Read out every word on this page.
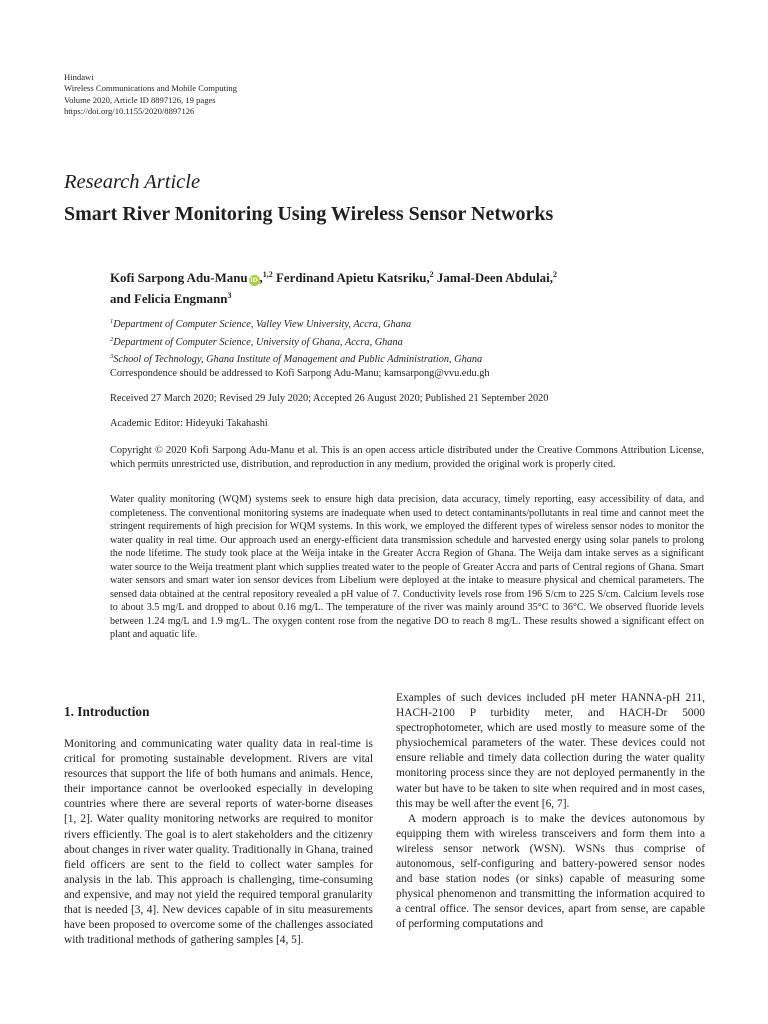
Hindawi
Wireless Communications and Mobile Computing
Volume 2020, Article ID 8897126, 19 pages
https://doi.org/10.1155/2020/8897126
Research Article
Smart River Monitoring Using Wireless Sensor Networks
Kofi Sarpong Adu-Manu iD ,$^{1,2}$ Ferdinand Apietu Katsriku,$^2$ Jamal-Deen Abdulai,$^2$
and Felicia Engmann$^3$
$^1$Department of Computer Science, Valley View University, Accra, Ghana
$^2$Department of Computer Science, University of Ghana, Accra, Ghana
$^3$School of Technology, Ghana Institute of Management and Public Administration, Ghana
Correspondence should be addressed to Kofi Sarpong Adu-Manu; kamsarpong@vvu.edu.gh
Received 27 March 2020; Revised 29 July 2020; Accepted 26 August 2020; Published 21 September 2020
Academic Editor: Hideyuki Takahashi
Copyright © 2020 Kofi Sarpong Adu-Manu et al. This is an open access article distributed under the Creative Commons Attribution License, which permits unrestricted use, distribution, and reproduction in any medium, provided the original work is properly cited.
Water quality monitoring (WQM) systems seek to ensure high data precision, data accuracy, timely reporting, easy accessibility of data, and completeness. The conventional monitoring systems are inadequate when used to detect contaminants/pollutants in real time and cannot meet the stringent requirements of high precision for WQM systems. In this work, we employed the different types of wireless sensor nodes to monitor the water quality in real time. Our approach used an energy-efficient data transmission schedule and harvested energy using solar panels to prolong the node lifetime. The study took place at the Weija intake in the Greater Accra Region of Ghana. The Weija dam intake serves as a significant water source to the Weija treatment plant which supplies treated water to the people of Greater Accra and parts of Central regions of Ghana. Smart water sensors and smart water ion sensor devices from Libelium were deployed at the intake to measure physical and chemical parameters. The sensed data obtained at the central repository revealed a pH value of 7. Conductivity levels rose from 196 S/cm to 225 S/cm. Calcium levels rose to about 3.5 mg/L and dropped to about 0.16 mg/L. The temperature of the river was mainly around 35°C to 36°C. We observed fluoride levels between 1.24 mg/L and 1.9 mg/L. The oxygen content rose from the negative DO to reach 8 mg/L. These results showed a significant effect on plant and aquatic life.
1. Introduction

Monitoring and communicating water quality data in real-time is critical for promoting sustainable development. Rivers are vital resources that support the life of both humans and animals. Hence, their importance cannot be overlooked especially in developing countries where there are several reports of water-borne diseases [1, 2]. Water quality monitoring networks are required to monitor rivers efficiently. The goal is to alert stakeholders and the citizenry about changes in river water quality. Traditionally in Ghana, trained field officers are sent to the field to collect water samples for analysis in the lab. This approach is challenging, time-consuming and expensive, and may not yield the required temporal granularity that is needed [3, 4]. New devices capable of in situ measurements have been proposed to overcome some of the challenges associated with traditional methods of gathering samples [4, 5].

Examples of such devices included pH meter HANNA-pH 211, HACH-2100 P turbidity meter, and HACH-Dr 5000 spectrophotometer, which are used mostly to measure some of the physiochemical parameters of the water. These devices could not ensure reliable and timely data collection during the water quality monitoring process since they are not deployed permanently in the water but have to be taken to site when required and in most cases, this may be well after the event [6, 7].

A modern approach is to make the devices autonomous by equipping them with wireless transceivers and form them into a wireless sensor network (WSN). WSNs thus comprise of autonomous, self-configuring and battery-powered sensor nodes and base station nodes (or sinks) capable of measuring some physical phenomenon and transmitting the information acquired to a central office. The sensor devices, apart from sense, are capable of performing computations and
